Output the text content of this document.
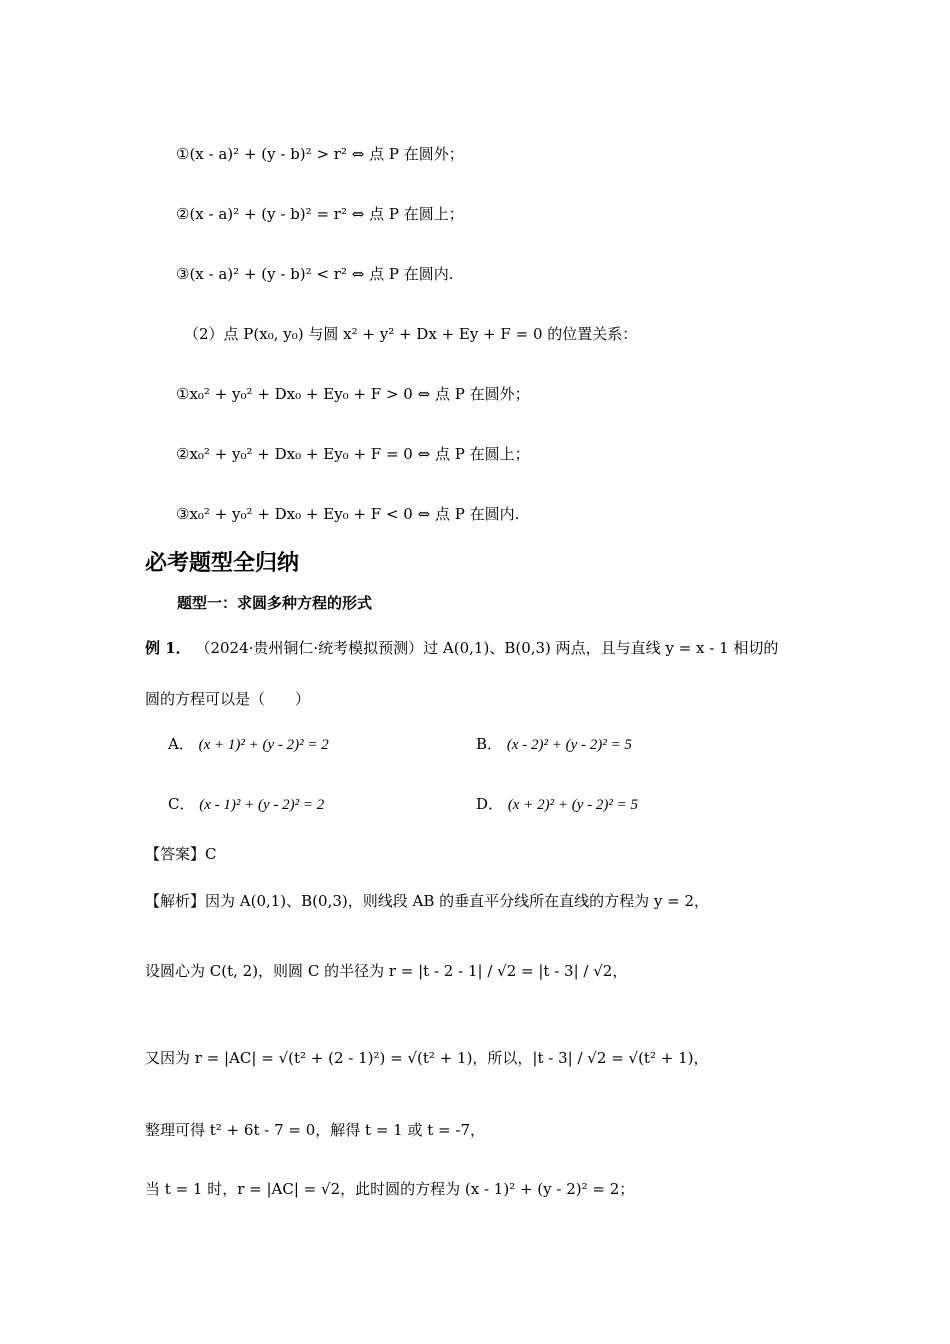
①(x - a)² + (y - b)² > r² ⇔ 点 P 在圆外；
②(x - a)² + (y - b)² = r² ⇔ 点 P 在圆上；
③(x - a)² + (y - b)² < r² ⇔ 点 P 在圆内.
（2）点 P(x₀, y₀) 与圆 x² + y² + Dx + Ey + F = 0 的位置关系：
①x₀² + y₀² + Dx₀ + Ey₀ + F > 0 ⇔ 点 P 在圆外；
②x₀² + y₀² + Dx₀ + Ey₀ + F = 0 ⇔ 点 P 在圆上；
③x₀² + y₀² + Dx₀ + Ey₀ + F < 0 ⇔ 点 P 在圆内.
必考题型全归纳
题型一：求圆多种方程的形式
例 1． （2024·贵州铜仁·统考模拟预测）过 A(0,1)、B(0,3) 两点，且与直线 y = x - 1 相切的
圆的方程可以是（　　）
A． (x + 1)² + (y - 2)² = 2	B． (x - 2)² + (y - 2)² = 5
C． (x - 1)² + (y - 2)² = 2	D． (x + 2)² + (y - 2)² = 5
【答案】C
【解析】因为 A(0,1)、B(0,3)，则线段 AB 的垂直平分线所在直线的方程为 y = 2，
设圆心为 C(t, 2)，则圆 C 的半径为 r = |t - 2 - 1| / √2 = |t - 3| / √2，
又因为 r = |AC| = √(t² + (2 - 1)²) = √(t² + 1)，所以，|t - 3| / √2 = √(t² + 1)，
整理可得 t² + 6t - 7 = 0，解得 t = 1 或 t = -7，
当 t = 1 时，r = |AC| = √2，此时圆的方程为 (x - 1)² + (y - 2)² = 2；
